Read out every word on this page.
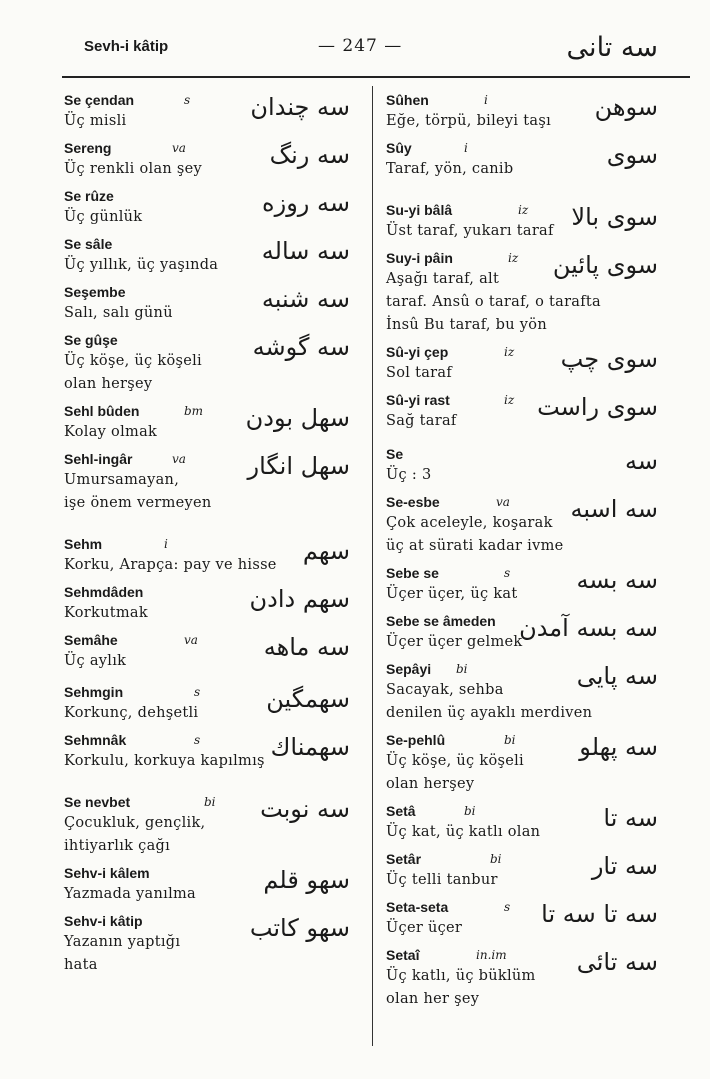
Sevh-i kâtip	— 247 —	سه تانى
Se çendan	s	سه چندان
Üç misli
Sereng	va	سه رنگ
Üç renkli olan şey
Se rûze	سه روزه
Üç günlük
Se sâle	سه ساله
Üç yıllık, üç yaşında
Seşembe	سه شنبه
Salı, salı günü
Se gûşe	سه گوشه
Üç köşe, üç köşeli
olan herşey
Sehl bûden	bm سهل بودن
Kolay olmak
Sehl-ingâr	va	سهل انگار
Umursamayan,
işe önem vermeyen
Sehm	i	سهم
Korku, Arapça: pay ve hisse
Sehmdâden	سهم دادن
Korkutmak
Semâhe	va	سه ماهه
Üç aylık
Sehmgin	s	سهمگين
Korkunç, dehşetli
Sehmnâk	s	سهمناك
Korkulu, korkuya kapılmış
Se nevbet	bi سه نوبت
Çocukluk, gençlik,
ihtiyarlık çağı
Sehv-i kâlem	سهو قلم
Yazmada yanılma
Sehv-i kâtip	سهو كاتب
Yazanın yaptığı
hata
Sûhen	i	سوهن
Eğe, törpü, bileyi taşı
Sûy	i	سوى
Taraf, yön, canib
Su-yi bâlâ	iz سوى بالا
Üst taraf, yukarı taraf
Suy-i pâin	iz سوى پائين
Aşağı taraf, alt
taraf. Ansû o taraf, o tarafta
İnsû Bu taraf, bu yön
Sû-yi çep	iz سوى چپ
Sol taraf
Sû-yi rast	iz سوى راست
Sağ taraf
Se	سه
Üç : 3
Se-esbe	va	سه اسبه
Çok aceleyle, koşarak
üç at sürati kadar ivme
Sebe se	s	سه بسه
Üçer üçer, üç kat
Sebe se âmeden سه بسه آمدن
Üçer üçer gelmek
Sepâyi	bi	سه پايى
Sacayak, sehba
denilen üç ayaklı merdiven
Se-pehlû	bi	سه پهلو
Üç köşe, üç köşeli
olan herşey
Setâ	bi	سه تا
Üç kat, üç katlı olan
Setâr	bi	سه تار
Üç telli tanbur
Seta-seta	s سه تا سه تا
Üçer üçer
Setaî	in.im	سه تائى
Üç katlı, üç büklüm
olan her şey
